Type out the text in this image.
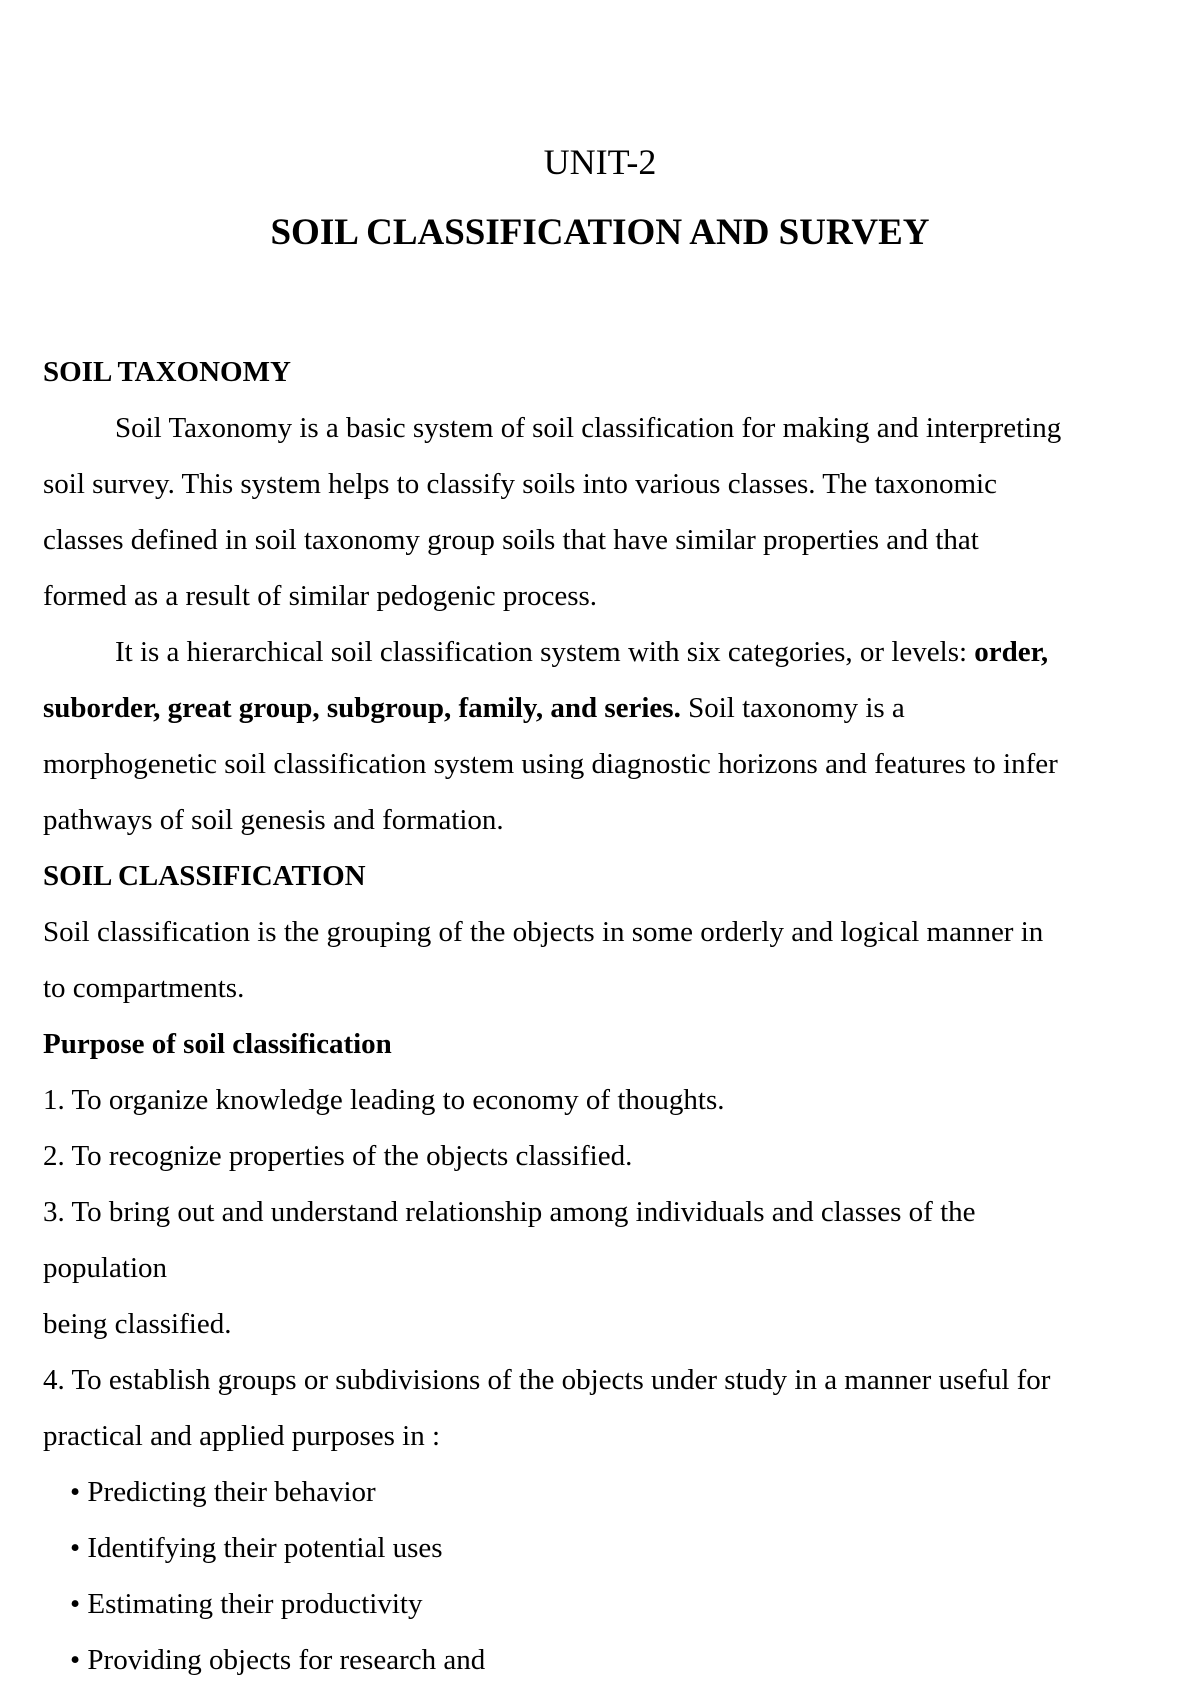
UNIT-2
SOIL CLASSIFICATION AND SURVEY
SOIL TAXONOMY
Soil Taxonomy is a basic system of soil classification for making and interpreting
soil survey. This system helps to classify soils into various classes. The taxonomic
classes defined in soil taxonomy group soils that have similar properties and that
formed as a result of similar pedogenic process.
It is a hierarchical soil classification system with six categories, or levels: order,
suborder, great group, subgroup, family, and series. Soil taxonomy is a
morphogenetic soil classification system using diagnostic horizons and features to infer
pathways of soil genesis and formation.
SOIL CLASSIFICATION
Soil classification is the grouping of the objects in some orderly and logical manner in
to compartments.
Purpose of soil classification
1. To organize knowledge leading to economy of thoughts.
2. To recognize properties of the objects classified.
3. To bring out and understand relationship among individuals and classes of the
population
being classified.
4. To establish groups or subdivisions of the objects under study in a manner useful for
practical and applied purposes in :
• Predicting their behavior
• Identifying their potential uses
• Estimating their productivity
• Providing objects for research and
